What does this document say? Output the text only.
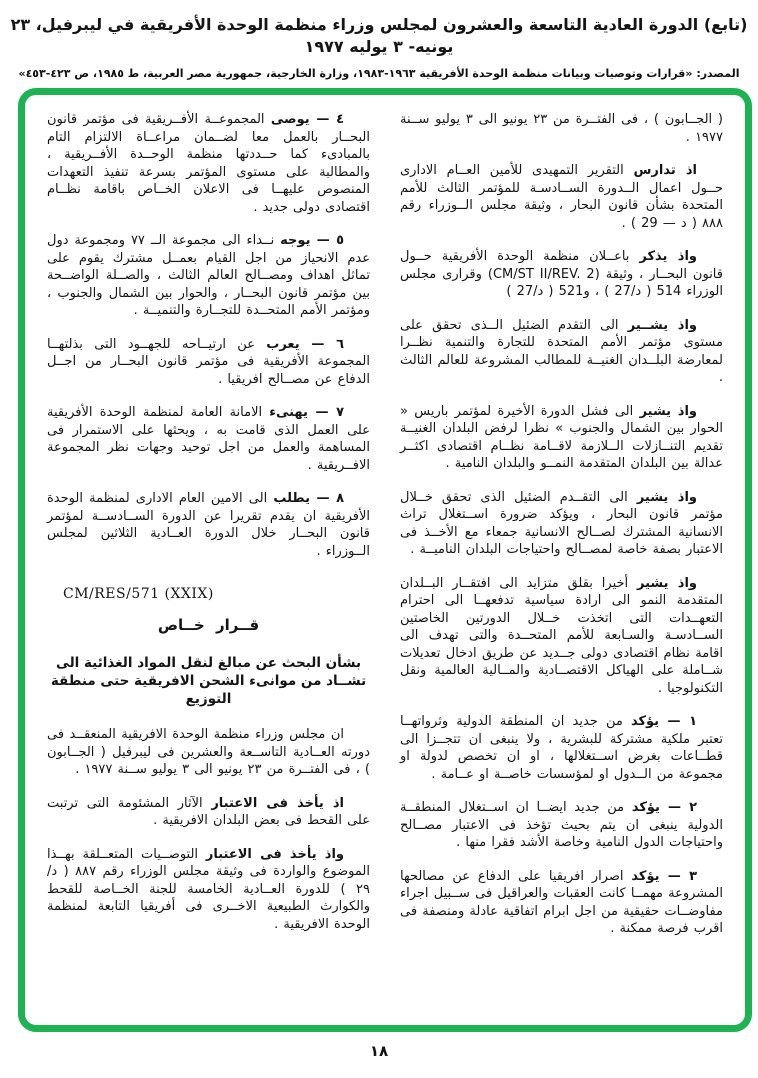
(تابع) الدورة العادية التاسعة والعشرون لمجلس وزراء منظمة الوحدة الأفريقية في ليبرفيل، ٢٣ يونيه- ٣ يوليه ١٩٧٧
المصدر: «قرارات وتوصيات وبيانات منظمة الوحدة الأفريقية ١٩٦٣-١٩٨٣، وزارة الخارجية، جمهورية مصر العربية، ط ١٩٨٥، ص ٤٢٣-٤٥٣»
( الجــابون ) ، فى الفتــرة من ٢٣ يونيو الى ٣ يوليو ســنة ١٩٧٧ .
اذ تدارس التقرير التمهيدى للأمين العــام الادارى حــول اعمال الــدورة الســادسـة للمؤتمر الثالث للأمم المتحدة بشأن قانون البحار ، وثيقة مجلس الــوزراء رقم ٨٨٨ ( د — 29 ) .
واذ يذكر باعــلان منظمة الوحدة الأفريقية حــول قانون البحــار ، وثيقة (CM/ST II/REV. 2) وقرارى مجلس الوزراء 514 ( د/27 ) ، و521 ( د/27 )
واذ يشــير الى التقدم الضئيل الــذى تحقق على مستوى مؤتمر الأمم المتحدة للتجارة والتنمية نظــرا لمعارضة البلــدان الغنيــة للمطالب المشروعة للعالم الثالث .
واذ يشير الى فشل الدورة الأخيرة لمؤتمر باريس « الحوار بين الشمال والجنوب » نظرا لرفض البلدان الغنيــة تقديم التنــازلات الــلازمة لاقــامة نظــام اقتصادى اكثــر عدالة بين البلدان المتقدمة النمــو والبلدان النامية .
واذ يشير الى التقــدم الضئيل الذى تحقق خــلال مؤتمر قانون البحار ، ويؤكد ضرورة اســتغلال تراث الانسانية المشترك لصــالح الانسانية جمعاء مع الأخــذ فى الاعتبار بصفة خاصة لمصــالح واحتياجات البلدان الناميــة .
واذ يشير أخيرا بقلق متزايد الى افتقــار البــلدان المتقدمة النمو الى ارادة سياسية تدفعهــا الى احترام التعهــدات التى اتخذت خــلال الدورتين الخاصتين الســادسـة والسـابعة للأمم المتحــدة والتى تهدف الى اقامة نظام اقتصادى دولى جــديد عن طريق ادخال تعديلات شــاملة على الهياكل الاقتصــادية والمــالية العالمية ونقل التكنولوجيا .
١ — يؤكد من جديد ان المنطقة الدولية وثرواتهــا تعتبر ملكية مشتركة للبشرية ، ولا ينبغى ان تتجــزا الى قطــاعات بغرض اســتغلالها ، او ان تخصص لدولة او مجموعة من الــدول او لمؤسسات خاصــة او عــامة .
٢ — يؤكد من جديد ايضــا ان اســتغلال المنطقــة الدولية ينبغى ان يتم بحيث تؤخذ فى الاعتبار مصــالح واحتياجات الدول النامية وخاصة الأشد فقرا منها .
٣ — يؤكد اصرار افريقيا على الدفاع عن مصالحها المشروعة مهمــا كانت العقبات والعراقيل فى ســبيل اجراء مفاوضــات حقيقية من اجل ابرام اتفاقية عادلة ومنصفة فى اقرب فرصة ممكنة .
٤ — يوصى المجموعــة الأفــريقية فى مؤتمر قانون البحــار بالعمل معا لضــمان مراعــاة الالتزام التام بالمبادىء كما حــددتها منظمة الوحــدة الأفــريقية ، والمطالبة على مستوى المؤتمر بسرعة تنفيذ التعهدات المنصوص عليهــا فى الاعلان الخــاص باقامة نظــام اقتصادى دولى جديد .
٥ — يوجه نــداء الى مجموعة الــ ٧٧ ومجموعة دول عدم الانحياز من اجل القيام بعمــل مشترك يقوم على تماثل اهداف ومصــالح العالم الثالث ، والصــلة الواضــحة بين مؤتمر قانون البحــار ، والحوار بين الشمال والجنوب ، ومؤتمر الأمم المتحــدة للتجــارة والتنميــة .
٦ — يعرب عن ارتيــاحه للجهــود التى بذلتهــا المجموعة الأفريقية فى مؤتمر قانون البحــار من اجــل الدفاع عن مصــالح افريقيا .
٧ — يهنىء الامانة العامة لمنظمة الوحدة الأفريقية على العمل الذى قامت به ، ويحثها على الاستمرار فى المساهمة والعمل من اجل توحيد وجهات نظر المجموعة الافــريقية .
٨ — يطلب الى الامين العام الادارى لمنظمة الوحدة الأفريقية ان يقدم تقريرا عن الدورة الســادســة لمؤتمر قانون البحــار خلال الدورة العــادية الثلاثين لمجلس الــوزراء .
CM/RES/571 (XXIX)
قــرار خــاص
بشأن البحث عن مبالغ لنقل المواد الغذائية الى تشــاد من موانىء الشحن الافريقية حتى منطقة التوزيع
ان مجلس وزراء منظمة الوحدة الافريقية المنعقــد فى دورته العــادية التاســعة والعشرين فى ليبرفيل ( الجــابون ) ، فى الفتــرة من ٢٣ يونيو الى ٣ يوليو ســنة ١٩٧٧ .
اذ يأخذ فى الاعتبار الآثار المشئومة التى ترتبت على القحط فى بعض البلدان الافريقية .
واذ يأخذ فى الاعتبار التوصــيات المتعــلقة بهــذا الموضوع والواردة فى وثيقة مجلس الوزراء رقم ٨٨٧ ( د/٢٩ ) للدورة العــادية الخامسة للجنة الخــاصة للقحط والكوارث الطبيعية الاخــرى فى أفريقيا التابعة لمنظمة الوحدة الافريقية .
١٨
